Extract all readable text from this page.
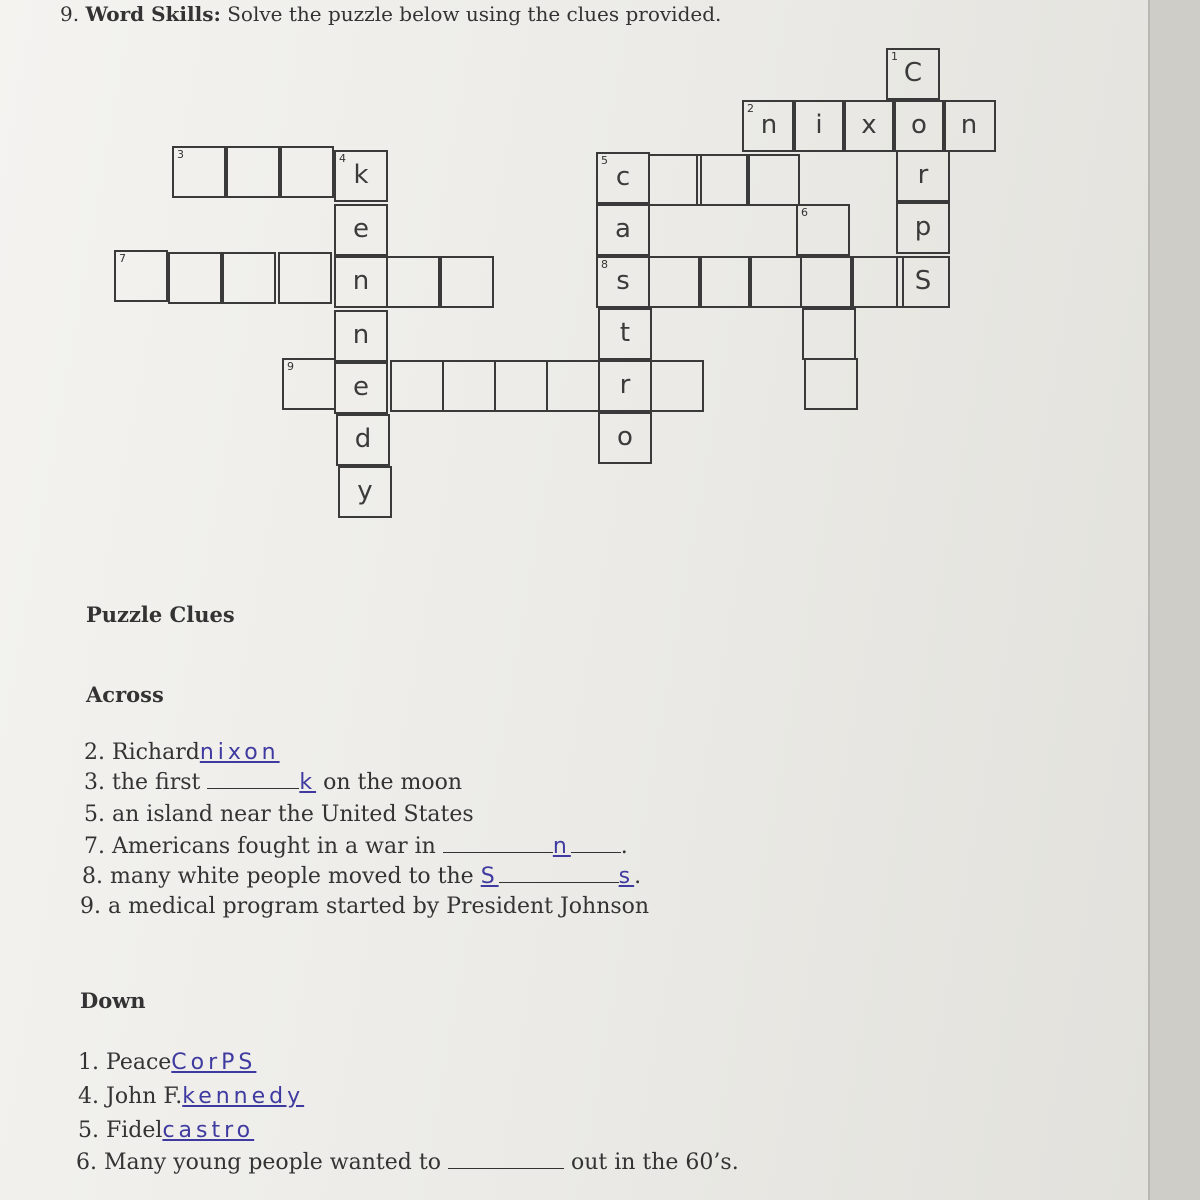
9. Word Skills: Solve the puzzle below using the clues provided.
1
C
r
p
S
2
n	i	x	o	n
3	4
k
e
n
n
e
d
y
7
9
5
c
a
8
s
t
r
o
6
Puzzle Clues
Across
2. Richardnixon
3. the first	k on the moon
5. an island near the United States
7. Americans fought in a war in	n .
8. many white people moved to the S	s.
9. a medical program started by President Johnson
Down
1. PeaceCorPS
4. John F.kennedy
5. Fidelcastro
6. Many young people wanted to	out in the 60’s.
